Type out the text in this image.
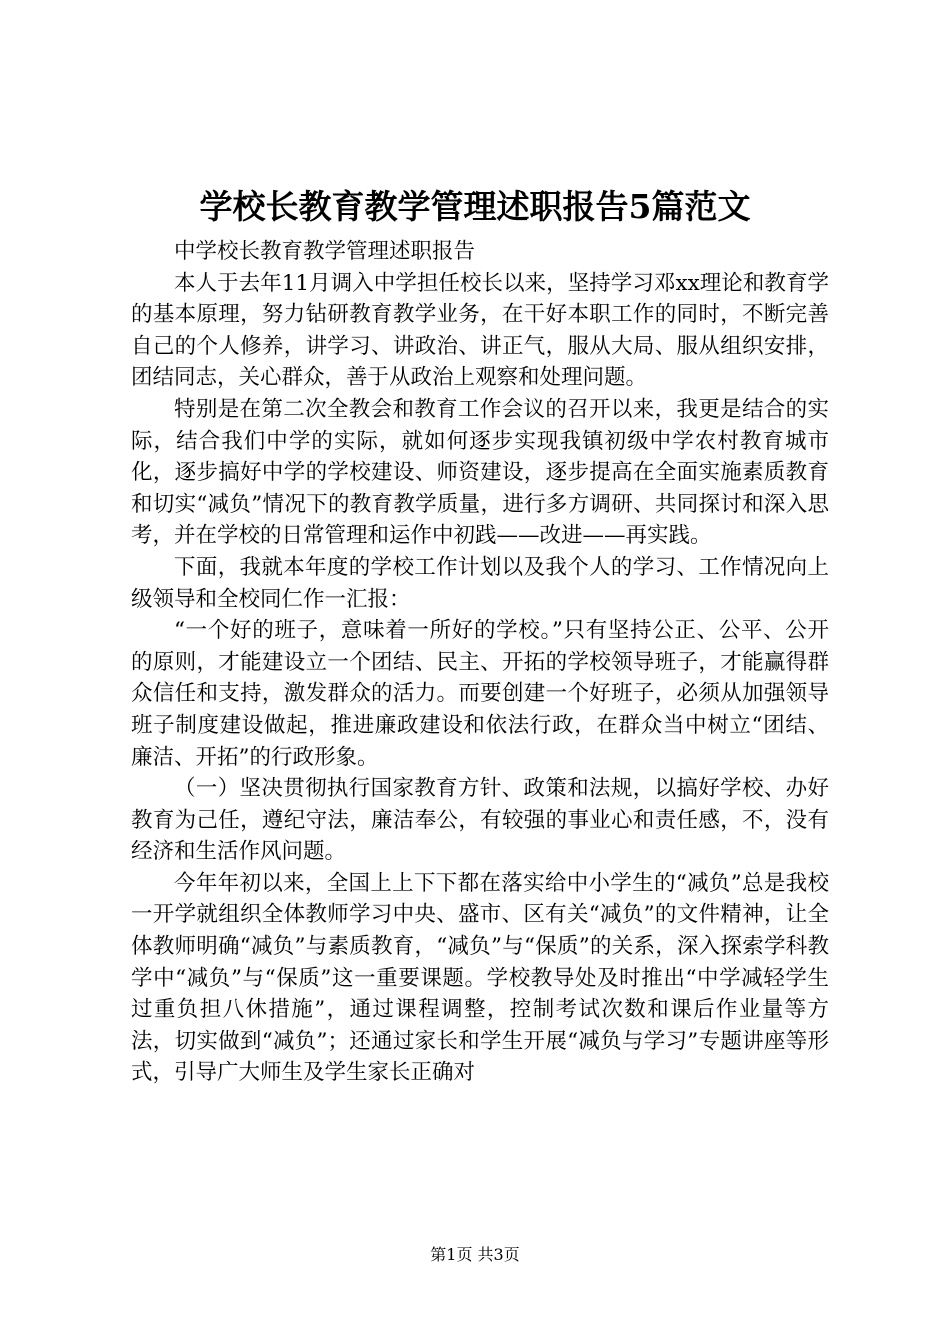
学校长教育教学管理述职报告5篇范文

中学校长教育教学管理述职报告

本人于去年11月调入中学担任校长以来，坚持学习邓xx理论和教育学的基本原理，努力钻研教育教学业务，在干好本职工作的同时，不断完善自己的个人修养，讲学习、讲政治、讲正气，服从大局、服从组织安排，团结同志，关心群众，善于从政治上观察和处理问题。

特别是在第二次全教会和教育工作会议的召开以来，我更是结合的实际，结合我们中学的实际，就如何逐步实现我镇初级中学农村教育城市化，逐步搞好中学的学校建设、师资建设，逐步提高在全面实施素质教育和切实“减负”情况下的教育教学质量，进行多方调研、共同探讨和深入思考，并在学校的日常管理和运作中初践——改进——再实践。

下面，我就本年度的学校工作计划以及我个人的学习、工作情况向上级领导和全校同仁作一汇报：

“一个好的班子，意味着一所好的学校。”只有坚持公正、公平、公开的原则，才能建设立一个团结、民主、开拓的学校领导班子，才能赢得群众信任和支持，激发群众的活力。而要创建一个好班子，必须从加强领导班子制度建设做起，推进廉政建设和依法行政，在群众当中树立“团结、廉洁、开拓”的行政形象。

（一）坚决贯彻执行国家教育方针、政策和法规，以搞好学校、办好教育为己任，遵纪守法，廉洁奉公，有较强的事业心和责任感，不，没有经济和生活作风问题。

今年年初以来，全国上上下下都在落实给中小学生的“减负”总是我校一开学就组织全体教师学习中央、盛市、区有关“减负”的文件精神，让全体教师明确“减负”与素质教育，“减负”与“保质”的关系，深入探索学科教学中“减负”与“保质”这一重要课题。学校教导处及时推出“中学减轻学生过重负担八休措施”，通过课程调整，控制考试次数和课后作业量等方法，切实做到“减负”；还通过家长和学生开展“减负与学习”专题讲座等形式，引导广大师生及学生家长正确对

第1页 共3页
